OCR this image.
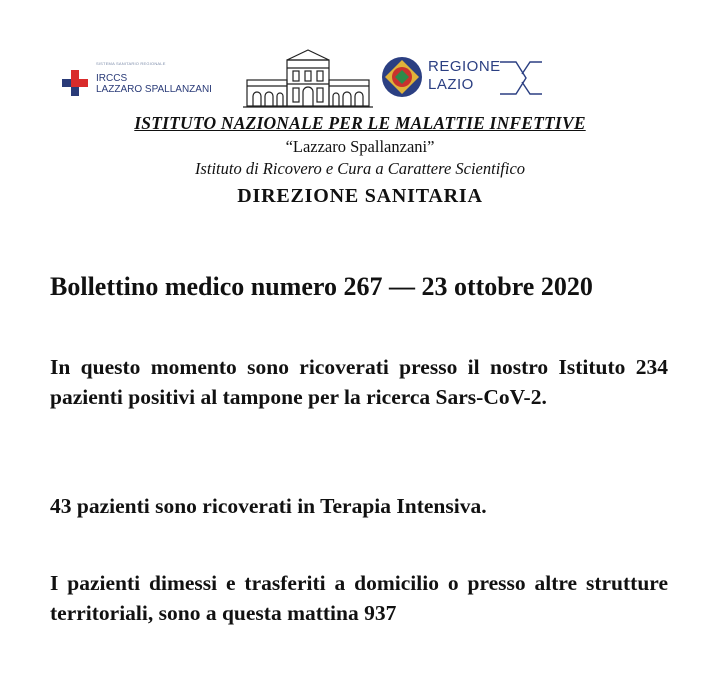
SISTEMA SANITARIO REGIONALE
IRCCS
LAZZARO SPALLANZANI
REGIONE
LAZIO
ISTITUTO NAZIONALE PER LE MALATTIE INFETTIVE
“Lazzaro Spallanzani”
Istituto di Ricovero e Cura a Carattere Scientifico
DIREZIONE SANITARIA
Bollettino medico numero 267 — 23 ottobre 2020
In questo momento sono ricoverati presso il nostro Istituto 234 pazienti positivi al tampone per la ricerca Sars-CoV-2.
43 pazienti sono ricoverati in Terapia Intensiva.
I pazienti dimessi e trasferiti a domicilio o presso altre strutture territoriali, sono a questa mattina 937
